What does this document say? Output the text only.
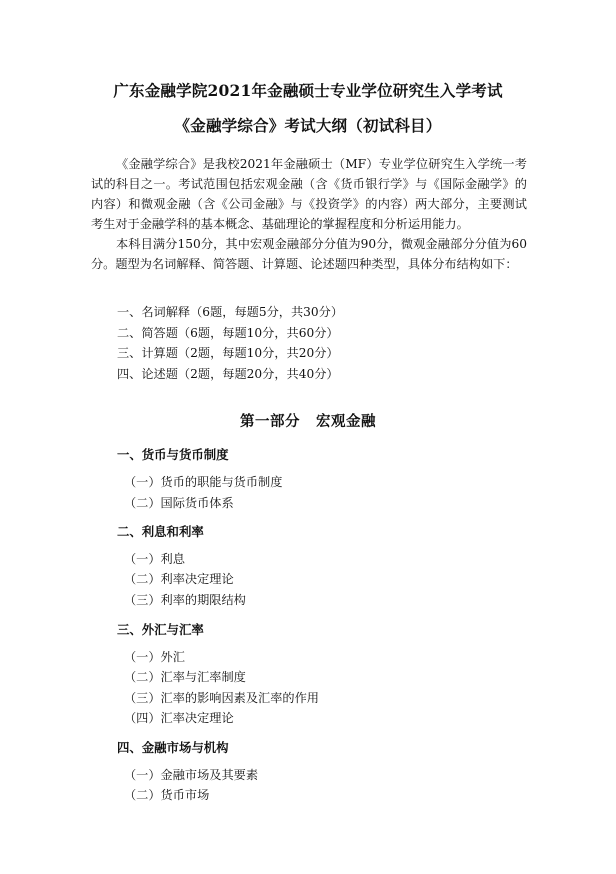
广东金融学院2021年金融硕士专业学位研究生入学考试
《金融学综合》考试大纲（初试科目）

《金融学综合》是我校2021年金融硕士（MF）专业学位研究生入学统一考试的科目之一。考试范围包括宏观金融（含《货币银行学》与《国际金融学》的内容）和微观金融（含《公司金融》与《投资学》的内容）两大部分，主要测试考生对于金融学科的基本概念、基础理论的掌握程度和分析运用能力。

本科目满分150分，其中宏观金融部分分值为90分，微观金融部分分值为60分。题型为名词解释、简答题、计算题、论述题四种类型，具体分布结构如下：

一、名词解释（6题，每题5分，共30分）
二、简答题（6题，每题10分，共60分）
三、计算题（2题，每题10分，共20分）
四、论述题（2题，每题20分，共40分）
第一部分 宏观金融
一、货币与货币制度
（一）货币的职能与货币制度
（二）国际货币体系
二、利息和利率
（一）利息
（二）利率决定理论
（三）利率的期限结构
三、外汇与汇率
（一）外汇
（二）汇率与汇率制度
（三）汇率的影响因素及汇率的作用
（四）汇率决定理论
四、金融市场与机构
（一）金融市场及其要素
（二）货币市场
